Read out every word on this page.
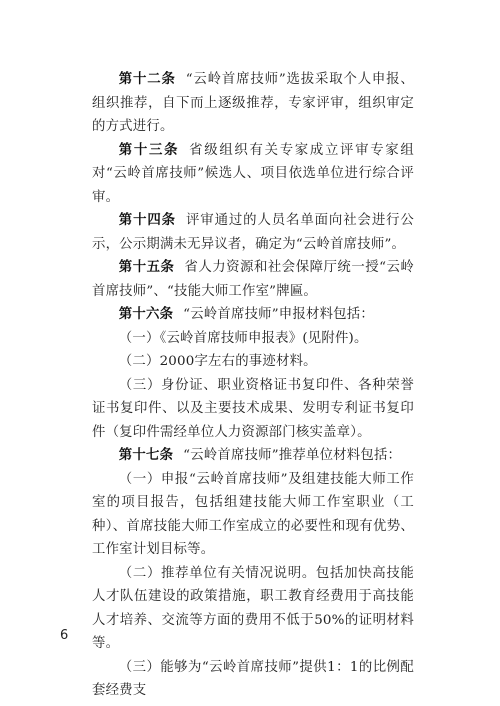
第十二条 “云岭首席技师”选拔采取个人申报、组织推荐，自下而上逐级推荐，专家评审，组织审定的方式进行。

第十三条 省级组织有关专家成立评审专家组对“云岭首席技师”候选人、项目依选单位进行综合评审。

第十四条 评审通过的人员名单面向社会进行公示，公示期满未无异议者，确定为“云岭首席技师”。

第十五条 省人力资源和社会保障厅统一授“云岭首席技师”、“技能大师工作室”牌匾。

第十六条 “云岭首席技师”申报材料包括：

（一）《云岭首席技师申报表》(见附件)。

（二）2000字左右的事迹材料。

（三）身份证、职业资格证书复印件、各种荣誉证书复印件、以及主要技术成果、发明专利证书复印件（复印件需经单位人力资源部门核实盖章）。

第十七条 “云岭首席技师”推荐单位材料包括：

（一）申报“云岭首席技师”及组建技能大师工作室的项目报告，包括组建技能大师工作室职业（工种）、首席技能大师工作室成立的必要性和现有优势、工作室计划目标等。

（二）推荐单位有关情况说明。包括加快高技能人才队伍建设的政策措施，职工教育经费用于高技能人才培养、交流等方面的费用不低于50%的证明材料等。

（三）能够为“云岭首席技师”提供1：1的比例配套经费支

6
